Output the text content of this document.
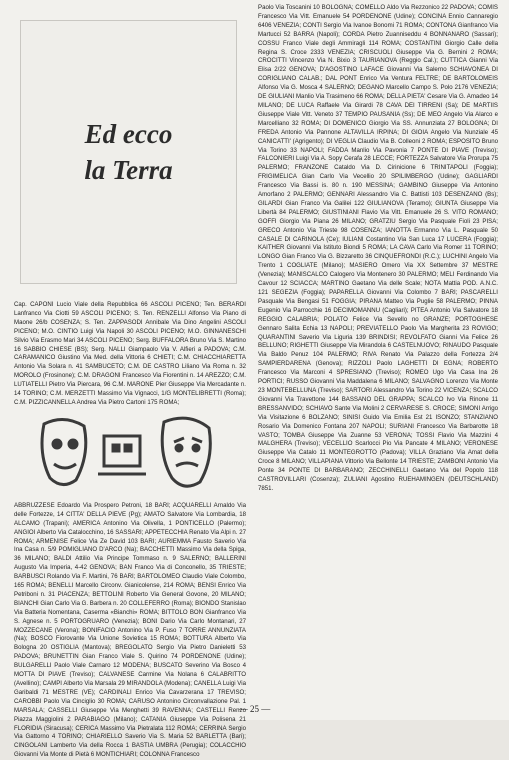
Ed ecco
la Terra

Cap. CAPONI Lucio Viale della Repubblica 66 ASCOLI PICENO; Ten. BERARDI Lanfranco Via Ciotti 59 ASCOLI PICENO; S. Ten. RENZELLI Alfonso Via Piano di Maone 26/b COSENZA; S. Ten. ZAPPASODI Annibale Via Dino Angelini ASCOLI PICENO; M.O. CINTIO Luigi Via Napoli 30 ASCOLI PICENO; M.O. GINNANESCHI Silvio Via Erasmo Mari 34 ASCOLI PICENO; Serg. BUFFALORA Bruno Via S. Martino 16 SABBIO CHIESE (BS); Serg. NALLI Giampaolo Via V. Alfieri a PADOVA; C.M. CARAMANICO Giustino Via Med. della Vittoria 6 CHIETI; C.M. CHIACCHIARETTA Antonio Via Solara n. 41 SAMBUCETO; C.M. DE CASTRO Liliano Via Roma n. 32 MOROLO (Frosinone); C.M. DRAGONI Francesco Via Fiorentini n. 14 AREZZO; C.M. LUTIATELLI Pietro Via Piercara, 96 C.M. MARONE Pier Giuseppe Via Mercadante n. 14 TORINO; C.M. MERZETTI Massimo Via Vignacci, 1/G MONTELIBRETTI (Roma); C.M. PIZZICANNELLA Andrea Via Pietro Cartoni 175 ROMA;

ABBRUZZESE Edoardo Via Prospero Petroni, 18 BARI; ACQUARELLI Arnaldo Via delle Fortezze, 14 CITTA' DELLA PIEVE (Pg); AMATO Salvatore Via Lombardia, 18 ALCAMO (Trapani); AMERICA Antonino Via Olivella, 1 PONTICELLO (Palermo); ANGIOI Alberto Via Catalocchino, 16 SASSARI; APPETECCHIA Renato Via Alpi n. 27 ROMA; ARMENISE Felice Via Ze David 103 BARI; AURIEMMA Fausto Saverio Via Ina Casa n. 5/9 POMIGLIANO D'ARCO (Na); BACCHETTI Massimo Via della Spiga, 36 MILANO; BALDI Attilio Via Principe Tommaso n. 9 SALERNO; BALLERINI Augusto Via Imperia, 4-42 GENOVA; BAN Franco Via di Conconello, 35 TRIESTE; BARBUSCI Rolando Via F. Martini, 76 BARI; BARTOLOMEO Claudio Viale Colombo, 165 ROMA; BENELLI Marcello Circonv. Gianicolense, 214 ROMA; BENSI Enrico Via Petriboni n. 31 PIACENZA; BETTOLINI Roberto Via General Govone, 20 MILANO; BIANCHI Gian Carlo Via G. Barbera n. 20 COLLEFERRO (Roma); BIONDO Stanislao Via Batteria Nomentana, Caserma «Bianchi» ROMA; BITTOLO BON Gianfranco Via S. Agnese n. 5 PORTOGRUARO (Venezia); BONI Dario Via Carlo Montanari, 27 MOZZECANE (Verona); BONIFACIO Antonino Via P. Fuso 7 TORRE ANNUNZIATA (Na); BOSCO Fiorovante Via Unione Sovietica 15 ROMA; BOTTURA Alberto Via Bologna 20 OSTIGLIA (Mantova); BREGOLATO Sergio Via Pietro Danieletti 53 PADOVA; BRUNETTIN Gian Franco Viale S. Quirino 74 PORDENONE (Udine); BULGARELLI Paolo Viale Carnaro 12 MODENA; BUSCATO Severino Via Bosco 4 MOTTA DI PIAVE (Treviso); CALVANESE Carmine Via Nolana 6 CALABRITTO (Avellino); CAMPI Alberto Via Marsala 29 MIRANDOLA (Modena); CANELLA Luigi Via Garibaldi 71 MESTRE (VE); CARDINALI Enrico Via Cavarzerana 17 TREVISO; CAROBBI Paolo Via Cinciglio 30 ROMA; CARUSO Antonino Circonvallazione Pal. 1 MARSALA; CASSELLI Giuseppe Via Menghetti 39 RAVENNA; CASTELLI Renzo Piazza Maggiolini 2 PARABIAGO (Milano); CATANIA Giuseppe Via Polisena 21 FLORIDIA (Siracusa); CERICA Massimo Via Pietralata 112 ROMA; CERRINA Sergio Via Gattorno 4 TORINO; CHIARIELLO Saverio Via S. Maria 52 BARLETTA (Bari); CINGOLANI Lamberto Via della Rocca 1 BASTIA UMBRA (Perugia); COLACCHIO Giovanni Via Monte di Pietà 6 MONTICHIARI; COLONNA Francesco

Paolo Via Toscanini 10 BOLOGNA; COMELLO Aldo Via Rezzonico 22 PADOVA; COMIS Francesco Via Vitt. Emanuele 54 PORDENONE (Udine); CONCINA Ennio Cannaregio 6406 VENEZIA; CONTI Sergio Via Ivanoe Bonomi 71 ROMA; CONTONA Gianfranco Via Martucci 52 BARRA (Napoli); CORDA Pietro Zuanniseddu 4 BONNANARO (Sassari); COSSU Franco Viale degli Ammiragli 114 ROMA; COSTANTINI Giorgio Calle della Regina S. Croce 2333 VENEZIA; CRISCUOLI Giuseppe Via G. Bernini 2 ROMA; CROCITTI Vincenzo Via N. Bixio 3 TAURIANOVA (Reggio Cal.); CUTTICA Gianni Via Elisa 2/22 GENOVA; D'AGOSTINO LAFACE Giovanni Via Salerno SCHIAVONEA DI CORIGLIANO CALAB.; DAL PONT Enrico Via Ventura FELTRE; DE BARTOLOMEIS Alfonso Via G. Mosca 4 SALERNO; DEGANO Marcello Campo S. Polo 2176 VENEZIA; DE GIULIANI Manlio Via Trasimeno 66 ROMA; DELLA PIETA' Cesare Via G. Amadeo 14 MILANO; DE LUCA Raffaele Via Girardi 78 CAVA DEI TIRRENI (Sa); DE MARTIIS Giuseppe Viale Vitt. Veneto 37 TEMPIO PAUSANIA (Ss); DE MEO Angelo Via Alarco e Marcelliano 32 ROMA; DI DOMENICO Giorgio Via SS. Annunziata 27 BOLOGNA; DI FREDA Antonio Via Pannone ALTAVILLA IRPINA; DI GIOIA Angelo Via Nunziale 45 CANICATTI' (Agrigento); DI VEGLIA Claudio Via B. Colleoni 2 ROMA; ESPOSITO Bruno Via Torino 33 NAPOLI; FADDA Manlio Via Pavonia 7 PONTE DI PIAVE (Treviso); FALCONIERI Luigi Via A. Sopy Cerafa 28 LECCE; FORTEZZA Salvatore Via Prorupa 75 PALERMO; FRANZONE Cataldo Via D. Cirinicione 6 TRINITAPOLI (Foggia); FRIGIMELICA Gian Carlo Via Vecellio 20 SPILIMBERGO (Udine); GAGLIARDI Francesco Via Bassi is. 80 n. 190 MESSINA; GAMBINO Giuseppe Via Antonino Amorfano 2 PALERMO; GENNARI Alessandro Via C. Battisti 103 DESENZANO (Bs); GILARDI Gian Franco Via Galilei 122 GIULIANOVA (Teramo); GIUNTA Giuseppe Via Libertà 84 PALERMO; GIUSTINIANI Flavio Via Vitt. Emanuele 26 S. VITO ROMANO; GOFFI Giorgio Via Piana 26 MILANO; GRATZIU Sergio Via Pasquale Fioli 23 PISA; GRECO Antonio Via Trieste 98 COSENZA; IANOTTA Ermanno Via L. Pasquale 50 CASALE DI CARINOLA (Ce); IULIANI Costantino Via San Luca 17 LUCERA (Foggia); KAITHER Giovanni Via Istituto Biondi 5 ROMA; LA CAVA Carlo Via Romer 11 TORINO; LONGO Gian Franco Via G. Bizzaretto 36 CINQUEFRONDI (R.C.); LUCHINI Angelo Via Trento 1 COGLIATE (Milano); MASIERO Omero Via XX Settembre 37 MESTRE (Venezia); MANISCALCO Calogero Via Montenero 30 PALERMO; MELI Ferdinando Via Cavour 12 SCIACCA; MARTINO Gaetano Via delle Scale; NOTA Mattia POD. A.N.C. 121 SEGEZIA (Foggia); PAPARELLA Giovanni Via Colombo 7 BARI; PASCARELLI Pasquale Via Bengasi 51 FOGGIA; PIRANA Matteo Via Puglie 58 PALERMO; PINNA Eugenio Via Parrocchie 16 DECIMOMANNU (Cagliari); PITEA Antonio Via Salvatore 18 REGGIO CALABRIA; POLATO Felice Via Sevello no GRANZE; PORTOGHESE Gennaro Salita Echia 13 NAPOLI; PREVIATELLO Paolo Via Margherita 23 ROVIGO; QUARANTINI Saverio Via Liguria 139 BRINDISI; REVOLFATO Gianni Via Felice 26 BELLUNO; RIGHETTI Giuseppe Via Mirandola 6 CASTELNUOVO; RINAUDO Pasquale Via Baldo Penuz 104 PALERMO; RIVA Renato Via Palazzo della Fortezza 2/4 SAMPIERDARENA (Genova); RIZZOLI Paolo LAGHETTI DI EGNA; ROBERTO Francesco Via Marconi 4 SPRESIANO (Treviso); ROMEO Ugo Via Casa Ina 26 PORTICI; RUSSO Giovanni Via Maddalena 6 MILANO; SALVAGNO Lorenzo Via Monte 23 MONTEBELLUNA (Treviso); SARTORI Alessandro Via Torino 22 VICENZA; SCALCO Giovanni Via Travettone 144 BASSANO DEL GRAPPA; SCALCO Ivo Via Rinone 11 BRESSANVIDO; SCHIAVO Sante Via Molini 2 CERVARESE S. CROCE; SIMONI Arrigo Via Visitazione 6 BOLZANO; SINISI Guido Via Emilia Est 21 ISONZO; STANZIANO Rosario Via Domenico Fontana 207 NAPOLI; SURIANI Francesco Via Barbarotte 18 VASTO; TOMBA Giuseppe Via Zuanne 53 VERONA; TOSSI Flavio Via Mazzini 4 MALGHERA (Treviso); VECELLIO Scarlocci Pio Via Pancate 4 MILANO; VERONESE Giuseppe Via Catalo 11 MONTEGROTTO (Padova); VILLA Graziano Via Amat della Croce 8 MILANO; VILLAPIANA Vittorio Via Bellonte 14 TRIESTE; ZAMBONI Antonio Via Ponte 34 PONTE DI BARBARANO; ZECCHINELLI Gaetano Via del Popolo 118 CASTROVILLARI (Cosenza); ZULIANI Agostino RUEHAMINGEN (DEUTSCHLAND) 7851.

— 25 —
